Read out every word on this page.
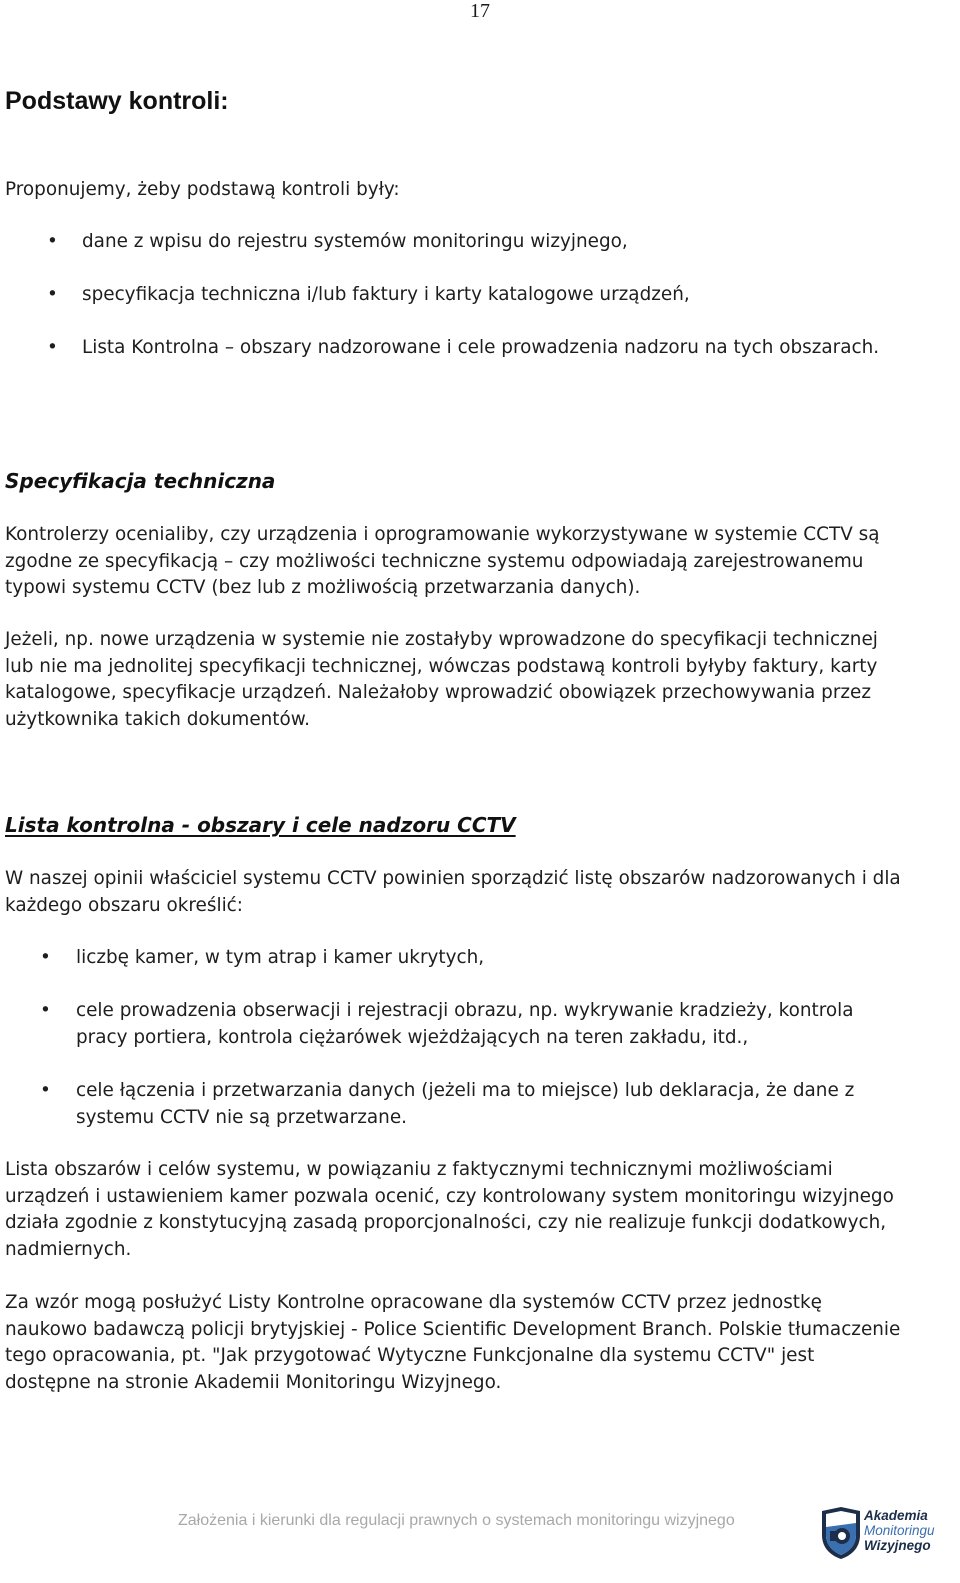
17
Podstawy kontroli:
Proponujemy, żeby podstawą kontroli były:
• dane z wpisu do rejestru systemów monitoringu wizyjnego,
• specyfikacja techniczna i/lub faktury i karty katalogowe urządzeń,
• Lista Kontrolna – obszary nadzorowane i cele prowadzenia nadzoru na tych obszarach.
Specyfikacja techniczna

Kontrolerzy ocenialiby, czy urządzenia i oprogramowanie wykorzystywane w systemie CCTV są zgodne ze specyfikacją – czy możliwości techniczne systemu odpowiadają zarejestrowanemu typowi systemu CCTV (bez lub z możliwością przetwarzania danych).

Jeżeli, np. nowe urządzenia w systemie nie zostałyby wprowadzone do specyfikacji technicznej lub nie ma jednolitej specyfikacji technicznej, wówczas podstawą kontroli byłyby faktury, karty katalogowe, specyfikacje urządzeń. Należałoby wprowadzić obowiązek przechowywania przez użytkownika takich dokumentów.

Lista kontrolna - obszary i cele nadzoru CCTV

W naszej opinii właściciel systemu CCTV powinien sporządzić listę obszarów nadzorowanych i dla każdego obszaru określić:

• liczbę kamer, w tym atrap i kamer ukrytych,
• cele prowadzenia obserwacji i rejestracji obrazu, np. wykrywanie kradzieży, kontrola pracy portiera, kontrola ciężarówek wjeżdżających na teren zakładu, itd.,
• cele łączenia i przetwarzania danych (jeżeli ma to miejsce) lub deklaracja, że dane z systemu CCTV nie są przetwarzane.

Lista obszarów i celów systemu, w powiązaniu z faktycznymi technicznymi możliwościami urządzeń i ustawieniem kamer pozwala ocenić, czy kontrolowany system monitoringu wizyjnego działa zgodnie z konstytucyjną zasadą proporcjonalności, czy nie realizuje funkcji dodatkowych, nadmiernych.

Za wzór mogą posłużyć Listy Kontrolne opracowane dla systemów CCTV przez jednostkę naukowo badawczą policji brytyjskiej - Police Scientific Development Branch. Polskie tłumaczenie tego opracowania, pt. "Jak przygotować Wytyczne Funkcjonalne dla systemu CCTV" jest dostępne na stronie Akademii Monitoringu Wizyjnego.

Założenia i kierunki dla regulacji prawnych o systemach monitoringu wizyjnego	Akademia
Monitoringu
Wizyjnego
